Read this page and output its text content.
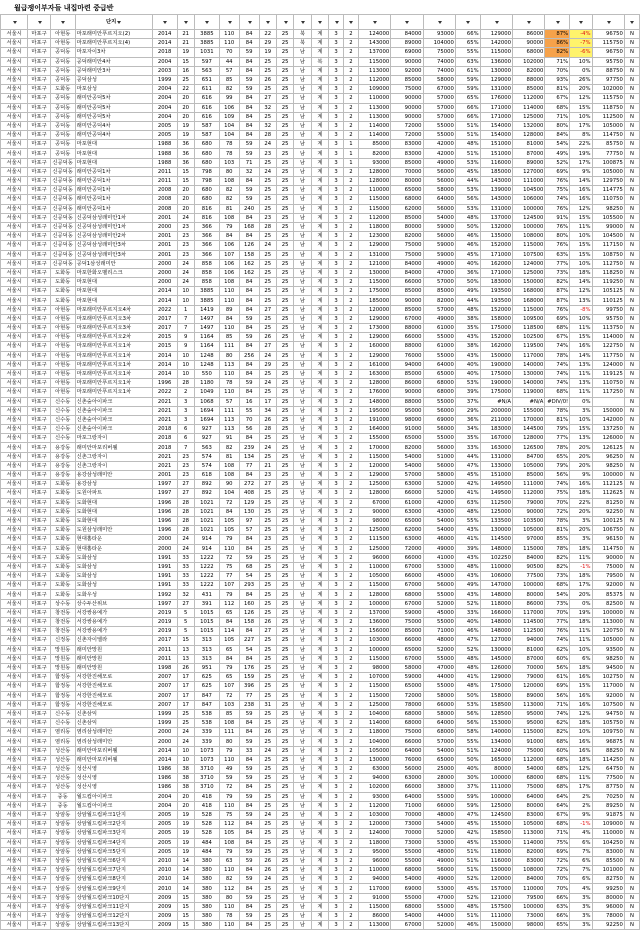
월급쟁이부자들 내집마련 중급반

			단지																					

서울시	마포구	아현동	마포래미안푸르지오(2)	2014	21	3885	110	84	22	25	북	계	3	2	124000	84000	93000	66%	129000	86000	87%	-4%	96750	N
서울시	마포구	아현동	마포래미안푸르지오(4)	2014	21	3885	110	84	29	25	북	계	3	2	143000	89000	104000	65%	142000	90000	86%	-7%	115750	N
서울시	마포구	공덕동	마포자이3차	2018	19	1031	70	59	19	25	남	계	3	2	137000	69000	75000	55%	115000	68000	82%	-6%	96750	N
서울시	마포구	공덕동	공덕래미안4차	2004	15	597	44	84	25	25	남	복	3	2	115000	90000	74000	63%	136000	102000	71%	10%	95750	N
서울시	마포구	공덕동	공덕래미안3차	2003	16	563	57	84	25	25	남	계	3	2	113000	92000	74000	61%	130000	82000	70%	0%	88750	N
서울시	마포구	공덕동	공덕삼성	1999	25	651	85	59	26	25	남	계	3	2	112000	85000	58000	59%	129000	88000	93%	26%	97750	N
서울시	마포구	도화동	마포삼성	2004	22	611	82	59	25	25	남	계	3	2	109000	75000	67000	59%	131000	85000	81%	20%	102000	N
서울시	마포구	공덕동	래미안공덕5차	2004	20	616	99	84	27	25	남	계	3	2	110000	90000	57000	65%	176000	112000	67%	12%	115750	N
서울시	마포구	공덕동	래미안공덕5차	2004	20	616	106	84	32	25	남	계	3	2	113000	90000	57000	66%	171000	114000	68%	15%	118750	N
서울시	마포구	공덕동	래미안공덕5차	2004	20	616	109	84	25	25	남	계	3	2	113000	90000	57000	66%	171000	125000	71%	10%	112500	N
서울시	마포구	공덕동	래미안공덕4차	2005	19	587	104	84	32	25	남	계	3	2	114000	72000	55000	51%	154000	132000	80%	17%	105000	N
서울시	마포구	공덕동	래미안공덕4차	2005	19	587	104	84	28	25	남	계	3	2	114000	72000	55000	51%	154000	128000	84%	8%	114750	N
서울시	마포구	공덕동	마포현대	1988	36	680	78	59	24	25	남	계	3	1	85000	83000	42000	48%	151000	81000	54%	22%	85750	N
서울시	마포구	공덕동	마포현대	1988	36	680	78	59	23	25	남	계	3	1	82000	83000	42000	51%	151000	87000	49%	19%	77750	N
서울시	마포구	신공덕동	마포현대	1988	36	680	103	71	25	25	남	계	3	1	93000	85000	49000	53%	116000	89000	52%	17%	100875	N
서울시	마포구	신공덕동	래미안공덕1차	2011	15	798	80	32	24	25	남	계	3	2	128000	70000	56000	45%	185000	127000	69%	9%	105000	N
서울시	마포구	신공덕동	래미안공덕1차	2011	15	798	108	84	25	25	남	계	3	2	128000	80000	56000	44%	143000	111000	76%	14%	129750	N
서울시	마포구	신공덕동	래미안공덕1차	2008	20	680	82	59	25	25	남	계	3	2	110000	65000	58000	53%	139000	104500	75%	16%	114775	N
서울시	마포구	신공덕동	래미안공덕1차	2008	20	680	82	59	25	25	남	계	3	2	115000	68000	64000	56%	143000	106000	74%	16%	110750	N
서울시	마포구	신공덕동	래미안공덕1차	2008	20	816	81	240	25	25	남	계	3	2	115000	62000	56000	53%	131000	100000	76%	12%	98250	N
서울시	마포구	신공덕동	신공덕삼성래미안1차	2001	24	816	108	84	23	25	남	계	3	2	112000	85000	54000	48%	137000	124500	91%	15%	105500	N
서울시	마포구	신공덕동	신공덕삼성래미안1차	2000	23	366	79	168	28	25	남	계	3	2	118000	80000	59000	50%	132000	100000	76%	11%	99000	N
서울시	마포구	신공덕동	신공덕삼성래미안2차	2001	23	366	84	84	25	25	남	계	3	2	123000	82000	56000	46%	135000	108000	80%	10%	104500	N
서울시	마포구	신공덕동	신공덕삼성래미안3차	2001	23	366	106	126	24	25	남	계	3	2	129000	75000	59000	46%	152000	115000	76%	15%	117150	N
서울시	마포구	신공덕동	신공덕삼성래미안3차	2001	23	366	107	158	25	25	남	계	3	2	131000	75000	59000	45%	171000	107500	63%	15%	108750	N
서울시	마포구	신공덕동	공덕1삼성래미안	2000	24	858	106	162	25	25	남	계	3	2	121000	84000	49000	40%	162000	124000	77%	10%	112750	N
서울시	마포구	도화동	마포한화오벨리스크	2000	24	858	106	162	25	25	남	계	3	2	130000	84000	47000	36%	171000	125000	73%	18%	118250	N
서울시	마포구	도화동	마포현대	2000	24	858	108	84	25	25	남	계	3	2	115000	66000	57000	50%	183000	150000	82%	14%	119250	N
서울시	마포구	도화동	마포현대	2014	10	3885	110	84	25	25	남	계	3	2	175000	85000	85000	49%	193500	168000	87%	12%	105125	N
서울시	마포구	도화동	마포현대	2014	10	3885	110	84	25	25	남	계	3	2	185000	90000	82000	44%	193500	168000	87%	13%	110125	N
서울시	마포구	아현동	마포래미안푸르지오4차	2022	1	1419	89	84	27	25	남	계	3	2	120000	85000	57000	48%	152000	115000	76%	-8%	99750	N
서울시	마포구	아현동	마포래미안푸르지오3차	2017	7	1497	84	59	25	25	남	계	3	2	129000	67000	49000	38%	158000	109500	69%	10%	95750	N
서울시	마포구	아현동	마포래미안푸르지오3차	2017	7	1497	110	84	25	25	남	계	3	2	173000	88000	61000	35%	175000	118500	68%	11%	113750	N
서울시	마포구	아현동	마포래미안푸르지오2차	2015	9	1164	85	59	26	25	남	계	3	2	129000	66000	55000	43%	152000	102500	67%	15%	114000	N
서울시	마포구	아현동	마포래미안푸르지오1차	2015	9	1164	111	84	27	25	남	계	3	2	160000	88000	61000	38%	162000	119500	74%	16%	122750	N
서울시	마포구	아현동	마포래미안푸르지오1차	2014	10	1248	80	256	24	25	남	계	3	2	129000	76000	55000	43%	150000	117000	78%	14%	117750	N
서울시	마포구	아현동	마포래미안푸르지오1차	2014	10	1248	113	84	29	25	남	계	3	2	161000	94000	64000	40%	190000	140000	74%	13%	124000	N
서울시	마포구	아현동	마포래미안푸르지오1차	2014	10	550	110	84	25	25	남	계	3	2	163000	85000	65000	40%	175000	130000	74%	11%	119125	N
서울시	마포구	아현동	마포래미안푸르지오1차	1996	28	1180	78	59	24	25	남	계	3	2	128000	86000	68000	53%	190000	140000	74%	13%	110750	N
서울시	마포구	아현동	마포래미안푸르지오1차	2022	2	1049	110	84	25	25	남	계	3	2	176000	90000	68000	39%	175000	119000	68%	11%	117250	N
서울시	마포구	신수동	신촌숲아이파크	2021	3	1068	57	16	17	25	남	계	3	2	148000	88000	55000	37%	#N/A	#N/A	#DIV/0!	0%		N
서울시	마포구	신수동	신촌숲아이파크	2021	3	1694	111	55	34	25	남	계	3	2	195000	95000	56000	29%	200000	155000	78%	3%	150000	N
서울시	마포구	신수동	신촌숲아이파크	2021	3	1694	113	70	26	25	남	계	3	2	191000	98000	69000	36%	211000	170000	81%	10%	142000	N
서울시	마포구	신수동	신촌숲아이파크	2018	6	927	113	56	28	25	남	계	3	2	164000	91000	56000	34%	183000	144500	79%	15%	137250	N
서울시	마포구	신수동	마포그랑자이	2018	6	927	91	84	25	25	남	계	3	2	155000	65000	55000	35%	167000	128000	77%	13%	126000	N
서울시	마포구	용강동	래미안마포리버웰	2018	7	563	82	239	24	25	남	계	3	2	170000	82000	56000	33%	163000	126500	78%	20%	126125	N
서울시	마포구	용강동	신촌그랑자이	2021	23	574	81	134	25	25	남	계	3	2	115000	54000	51000	44%	131000	84700	65%	20%	96250	N
서울시	마포구	용강동	신촌그랑자이	2021	23	574	108	77	21	25	남	계	3	2	120000	54000	56000	47%	133000	105000	79%	20%	98250	N
서울시	마포구	용강동	용강삼성래미안	2001	23	618	108	84	23	25	남	계	3	2	129000	57000	58000	45%	151000	85000	56%	9%	100000	N
서울시	마포구	도화동	용강삼성	1997	27	892	90	272	27	25	남	계	3	2	125000	63000	52000	42%	149500	111000	74%	16%	112125	N
서울시	마포구	도화동	도원아파트	1997	27	892	104	408	25	25	남	계	3	2	128000	66000	52000	41%	149500	112000	75%	18%	112625	N
서울시	마포구	도화동	도화현대	1996	28	1021	72	129	25	25	남	계	3	2	67000	61000	42000	63%	112500	79000	70%	22%	81250	N
서울시	마포구	도화동	도화현대	1996	28	1021	84	130	25	25	남	계	3	2	90000	63000	43000	48%	125000	90000	72%	20%	92250	N
서울시	마포구	도화동	도화현대	1996	28	1021	105	97	25	25	남	계	3	2	98000	65000	54000	55%	133500	103500	78%	3%	100125	N
서울시	마포구	도화동	도원삼성래미안	1996	28	1021	105	57	25	25	남	계	3	2	125000	62000	54000	43%	130000	105000	81%	20%	106750	N
서울시	마포구	도화동	현대홈타운	2000	24	914	79	84	23	25	남	계	3	2	111500	63000	46000	41%	114500	97000	85%	3%	96150	N
서울시	마포구	도화동	현대홈타운	2000	24	914	110	84	25	25	남	계	3	2	125000	72000	49000	39%	148000	115000	78%	18%	114750	N
서울시	마포구	도화동	도화삼성	1991	33	1222	72	59	25	25	남	계	3	2	96000	66000	41000	43%	102250	84000	82%	11%	90000	N
서울시	마포구	도화동	도화삼성	1991	33	1222	75	68	25	25	남	계	3	2	110000	67000	53000	48%	110000	90500	82%	-1%	75000	N
서울시	마포구	도화동	도화삼성	1991	33	1222	77	54	25	25	남	계	3	2	105000	66000	45000	43%	106000	77500	73%	18%	79500	N
서울시	마포구	도화동	도화삼성	1991	33	1222	107	293	25	25	남	계	3	2	115000	67000	56000	49%	147000	100000	68%	17%	92000	N
서울시	마포구	도화동	도화우성	1992	32	431	79	84	25	25	남	계	3	2	128000	68000	55000	43%	148000	80000	54%	20%	85375	N
서울시	마포구	상수동	상수두산위브	1997	27	391	112	160	25	25	남	계	3	2	100000	67000	52000	52%	118000	86000	73%	0%	82500	N
서울시	마포구	창전동	서강쌍용예가	2019	5	1015	65	126	25	25	남	계	3	2	137000	59000	45000	33%	166000	117000	70%	19%	100000	N
서울시	마포구	창전동	서강쌍용예가	2019	5	1015	84	158	26	25	남	계	3	2	136000	75000	55000	40%	148000	114500	77%	18%	113000	N
서울시	마포구	창전동	서강쌍용예가	2019	5	1015	114	84	27	25	남	계	3	2	156000	85000	71000	46%	148000	112500	76%	11%	120750	N
서울시	마포구	신정동	신촌자이엘라	2017	15	313	105	227	25	25	남	계	3	2	103000	66000	48000	47%	127000	94000	74%	11%	105000	N
서울시	마포구	망원동	래미안망원	2011	13	313	65	54	25	25	남	계	3	2	100000	65000	52000	52%	130000	81000	62%	10%	93500	N
서울시	마포구	망원동	래미안망원	2011	13	313	84	84	25	25	남	계	3	2	115000	67000	55000	48%	145000	87000	60%	6%	98250	N
서울시	마포구	망원동	래미안망원	1998	26	951	79	176	25	25	남	계	3	2	98000	58000	47000	48%	126000	70000	56%	18%	94500	N
서울시	마포구	합정동	서강한진해모로	2007	17	625	65	159	25	25	남	계	3	2	107000	59000	44000	41%	129000	79000	61%	16%	102750	N
서울시	마포구	합정동	서강한진해모로	2007	17	625	107	396	25	25	남	계	3	2	115000	65000	55000	48%	175000	120000	69%	15%	117000	N
서울시	마포구	합정동	서강한진해모로	2007	17	847	72	77	25	25	남	계	3	2	115000	72000	58000	50%	158000	89000	56%	16%	92000	N
서울시	마포구	합정동	서강한진해모로	2007	17	847	103	238	31	25	남	계	3	2	125000	78000	66000	53%	158500	113000	71%	16%	107500	N
서울시	마포구	신수동	신촌삼익	1999	25	538	85	59	25	25	남	계	3	2	104000	68000	58000	56%	128500	95000	74%	12%	94750	N
서울시	마포구	신수동	신촌삼익	1999	25	538	108	84	25	25	남	계	3	2	114000	68000	64000	56%	153000	95000	62%	18%	105750	N
서울시	마포구	염리동	염리삼성래미안	2000	24	339	111	84	26	25	남	계	3	2	118000	75000	68000	58%	140000	115000	82%	10%	109750	N
서울시	마포구	염리동	염리삼성래미안	2000	24	339	80	59	25	25	남	계	3	2	104000	66000	57000	55%	134000	91000	68%	16%	96875	N
서울시	마포구	성산동	래미안마포리버웰	2014	10	1073	79	33	24	25	남	계	3	2	105000	64000	54000	51%	124000	75000	60%	16%	88250	N
서울시	마포구	성산동	래미안마포리버웰	2014	10	1073	110	84	25	25	남	계	3	2	130000	76000	65000	50%	165000	112000	68%	18%	114250	N
서울시	마포구	성산동	성산시영	1986	38	3710	49	59	25	25	남	계	3	2	63000	56000	25000	40%	80000	54000	68%	12%	64750	N
서울시	마포구	성산동	성산시영	1986	38	3710	59	59	25	25	남	계	3	2	94000	63000	28000	30%	100000	68000	68%	11%	77500	N
서울시	마포구	성산동	성산시영	1986	38	3710	72	84	25	25	남	계	3	2	102000	66000	38000	37%	111000	75000	68%	17%	87750	N
서울시	마포구	중동	월드컵아이파크	2004	20	418	79	59	25	25	남	계	3	2	93000	64000	55000	59%	100000	64000	64%	2%	70250	N
서울시	마포구	중동	월드컵아이파크	2004	20	418	110	84	25	25	남	계	3	2	112000	71000	66000	59%	125000	80000	64%	2%	89250	N
서울시	마포구	상암동	상암월드컵파크1단지	2005	19	528	75	59	24	25	남	계	3	2	103000	70000	48000	47%	124500	83000	67%	9%	91875	N
서울시	마포구	상암동	상암월드컵파크2단지	2005	19	528	112	84	25	25	남	계	3	2	120000	73000	54000	45%	155000	105000	68%	-1%	109000	N
서울시	마포구	상암동	상암월드컵파크3단지	2005	19	528	105	84	25	25	남	계	3	2	124000	70000	52000	42%	158500	113000	71%	4%	110000	N
서울시	마포구	상암동	상암월드컵파크4단지	2005	19	484	108	84	25	25	남	계	3	2	118000	73000	53000	45%	153000	114000	75%	6%	104250	N
서울시	마포구	상암동	상암월드컵파크5단지	2005	19	484	79	59	25	25	남	계	3	2	95000	55000	48000	51%	118000	82000	69%	7%	83000	N
서울시	마포구	상암동	상암월드컵파크6단지	2010	14	380	63	59	26	25	남	계	3	2	96000	55000	49000	51%	116000	83000	72%	6%	85500	N
서울시	마포구	상암동	상암월드컵파크7단지	2010	14	380	110	84	26	25	남	계	3	2	110000	68000	56000	51%	150000	108000	72%	7%	101000	N
서울시	마포구	상암동	상암월드컵파크8단지	2010	14	380	82	59	24	25	남	계	3	2	94000	54000	49000	52%	120000	84000	70%	6%	82750	N
서울시	마포구	상암동	상암월드컵파크9단지	2010	14	380	112	84	25	25	남	계	3	2	117000	69000	53000	45%	157000	110000	70%	4%	99250	N
서울시	마포구	상암동	상암월드컵파크10단지	2009	15	380	80	59	25	25	남	계	3	2	91000	55000	47000	52%	121000	79500	66%	3%	80000	N
서울시	마포구	상암동	상암월드컵파크11단지	2009	15	380	110	84	25	25	남	계	3	2	115000	68000	55000	48%	157500	100000	63%	3%	96000	N
서울시	마포구	상암동	상암월드컵파크12단지	2009	15	380	78	59	25	25	남	계	3	2	86000	54000	44000	51%	111000	73000	66%	3%	78000	N
서울시	마포구	상암동	상암월드컵파크13단지	2009	15	380	110	84	25	25	남	계	3	2	113000	67000	52000	46%	150000	98000	65%	3%	92250	N
